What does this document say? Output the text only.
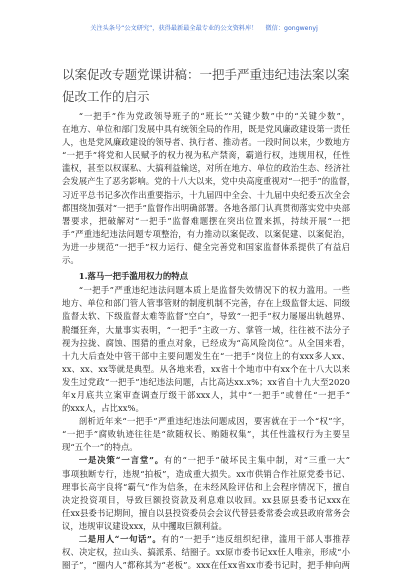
关注头条号“公文研究”，获得最新最全最专业的公文资料库！ 微信：gongwenyj
以案促改专题党课讲稿：一把手严重违纪违法案以案促改工作的启示
“一把手”作为党政领导班子的“班长”“关键少数”中的“关键少数”，
在地方、单位和部门发展中具有统领全局的作用，既是党风廉政建设第一责任
人，也是党风廉政建设的领导者、执行者、推动者。一段时间以来，少数地方
“一把手”将党和人民赋予的权力视为私产禁脔，霸道行权，违规用权，任性
滥权，甚至以权谋私、大搞利益输送，对所在地方、单位的政治生态、经济社
会发展产生了恶劣影响。党的十八大以来，党中央高度重视对“一把手”的监督，
习近平总书记多次作出重要指示，十九届四中全会、十九届中央纪委五次全会
都围绕加强对“一把手”监督作出明确部署。各地各部门认真贯彻落实党中央部
署要求，把破解对“一把手”监督难题摆在突出位置来抓，持续开展“一把
手”严重违纪违法问题专项整治，有力推动以案促改、以案促建、以案促治，
为进一步规范“一把手”权力运行、健全完善党和国家监督体系提供了有益启
示。
1.落马一把手滥用权力的特点
“一把手”严重违纪违法问题本质上是监督失效情况下的权力滥用。一些
地方、单位和部门管人管事管财的制度机制不完善，存在上级监督太远、同级
监督太软、下级监督太难等监督“空白”，导致“一把手”权力屡屡出轨越界、
脱缰狂奔，大量事实表明，“一把手”主政一方、掌管一域，往往被不法分子
视为拉拢、腐蚀、围猎的重点对象，已经成为“高风险岗位”。从全国来看，
十九大后查处中管干部中主要问题发生在“一把手”岗位上的有xxx多人xx、
xx、xx、xx等就是典型。从各地来看，xx省十个地市中有xx个在十八大以来
发生过党政“一把手”违纪违法问题，占比高达xx.x%；xx省自十九大至2020
年x月底共立案审查调查厅级干部xxx人，其中“一把手”或曾任“一把手”
的xxx人，占比xx%。
剖析近年来“一把手”严重违纪违法问题成因，要害就在于一个“权”字，
“一把手”腐败轨迹往往是“欲随权长、贿随权集”，其任性滥权行为主要呈
现“五个一”的特点。
一是决策“一言堂”。有的“一把手”破坏民主集中制，对“三重一大”
事项独断专行，违规“拍板”，造成重大损失。xx市供销合作社原党委书记、
理事长高宇良将“霸气”作为信条，在未经风险评估和上会程序情况下，擅自
决定投资项目，导致巨额投资款及利息难以收回。xx县原县委书记xxx在
任xx县委书记期间，擅自以县投资委员会会议代替县委常委会或县政府常务会
议，违规审议建设xxx，从中攫取巨额利益。
二是用人“一句话”。有的“一把手”违反组织纪律，滥用干部人事推荐
权、决定权，拉山头、搞派系、结圈子。xx原市委书记xx任人唯亲，形成“小
圈子”，“圈内人”都称其为“老板”。xxx在任xx省xx市委书记时，把手伸向两
